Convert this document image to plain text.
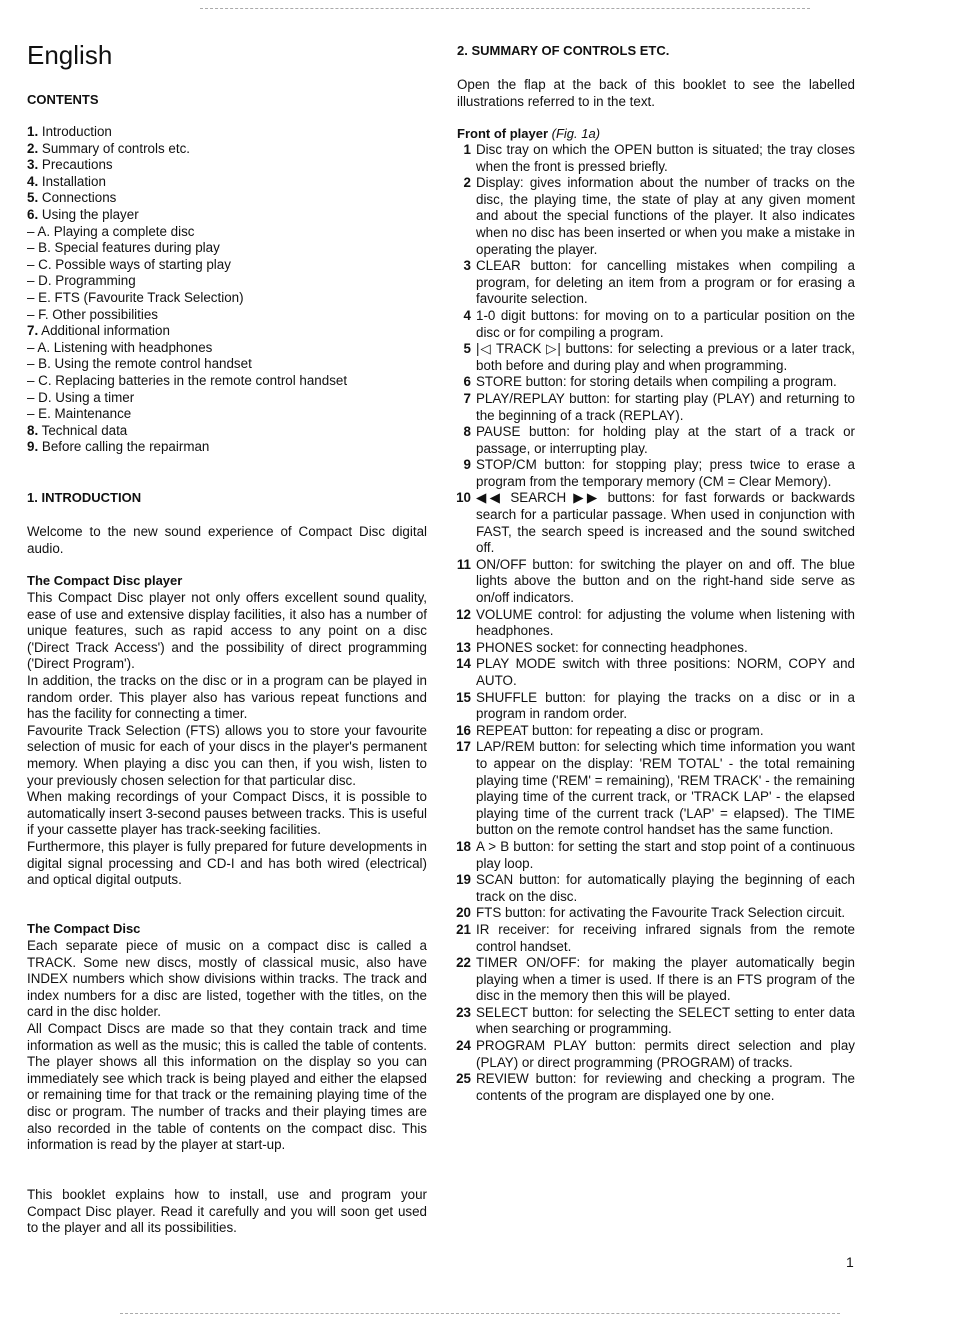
English
CONTENTS
1. Introduction
2. Summary of controls etc.
3. Precautions
4. Installation
5. Connections
6. Using the player
– A. Playing a complete disc
– B. Special features during play
– C. Possible ways of starting play
– D. Programming
– E. FTS (Favourite Track Selection)
– F. Other possibilities
7. Additional information
– A. Listening with headphones
– B. Using the remote control handset
– C. Replacing batteries in the remote control handset
– D. Using a timer
– E. Maintenance
8. Technical data
9. Before calling the repairman
1. INTRODUCTION

Welcome to the new sound experience of Compact Disc digital audio.

The Compact Disc player

This Compact Disc player not only offers excellent sound quality, ease of use and extensive display facilities, it also has a number of unique features, such as rapid access to any point on a disc ('Direct Track Access') and the possibility of direct programming ('Direct Program').

In addition, the tracks on the disc or in a program can be played in random order. This player also has various repeat functions and has the facility for connecting a timer.

Favourite Track Selection (FTS) allows you to store your favourite selection of music for each of your discs in the player's permanent memory. When playing a disc you can then, if you wish, listen to your previously chosen selection for that particular disc.

When making recordings of your Compact Discs, it is possible to automatically insert 3-second pauses between tracks. This is useful if your cassette player has track-seeking facilities.

Furthermore, this player is fully prepared for future developments in digital signal processing and CD-I and has both wired (electrical) and optical digital outputs.

The Compact Disc

Each separate piece of music on a compact disc is called a TRACK. Some new discs, mostly of classical music, also have INDEX numbers which show divisions within tracks. The track and index numbers for a disc are listed, together with the titles, on the card in the disc holder.

All Compact Discs are made so that they contain track and time information as well as the music; this is called the table of contents. The player shows all this information on the display so you can immediately see which track is being played and either the elapsed or remaining time for that track or the remaining playing time of the disc or program. The number of tracks and their playing times are also recorded in the table of contents on the compact disc. This information is read by the player at start-up.

This booklet explains how to install, use and program your Compact Disc player. Read it carefully and you will soon get used to the player and all its possibilities.

2. SUMMARY OF CONTROLS ETC.

Open the flap at the back of this booklet to see the labelled illustrations referred to in the text.

Front of player (Fig. 1a)
1 Disc tray on which the OPEN button is situated; the tray closes when the front is pressed briefly.
2 Display: gives information about the number of tracks on the disc, the playing time, the state of play at any given moment and about the special functions of the player. It also indicates when no disc has been inserted or when you make a mistake in operating the player.
3 CLEAR button: for cancelling mistakes when compiling a program, for deleting an item from a program or for erasing a favourite selection.
4 1-0 digit buttons: for moving on to a particular position on the disc or for compiling a program.
5 |◁ TRACK ▷| buttons: for selecting a previous or a later track, both before and during play and when programming.
6 STORE button: for storing details when compiling a program.
7 PLAY/REPLAY button: for starting play (PLAY) and returning to the beginning of a track (REPLAY).
8 PAUSE button: for holding play at the start of a track or passage, or interrupting play.
9 STOP/CM button: for stopping play; press twice to erase a program from the temporary memory (CM = Clear Memory).
10 ◀◀ SEARCH ▶▶ buttons: for fast forwards or backwards search for a particular passage. When used in conjunction with FAST, the search speed is increased and the sound switched off.
11 ON/OFF button: for switching the player on and off. The blue lights above the button and on the right-hand side serve as on/off indicators.
12 VOLUME control: for adjusting the volume when listening with headphones.
13 PHONES socket: for connecting headphones.
14 PLAY MODE switch with three positions: NORM, COPY and AUTO.
15 SHUFFLE button: for playing the tracks on a disc or in a program in random order.
16 REPEAT button: for repeating a disc or program.
17 LAP/REM button: for selecting which time information you want to appear on the display: 'REM TOTAL' - the total remaining playing time ('REM' = remaining), 'REM TRACK' - the remaining playing time of the current track, or 'TRACK LAP' - the elapsed playing time of the current track ('LAP' = elapsed). The TIME button on the remote control handset has the same function.
18 A > B button: for setting the start and stop point of a continuous play loop.
19 SCAN button: for automatically playing the beginning of each track on the disc.
20 FTS button: for activating the Favourite Track Selection circuit.
21 IR receiver: for receiving infrared signals from the remote control handset.
22 TIMER ON/OFF: for making the player automatically begin playing when a timer is used. If there is an FTS program of the disc in the memory then this will be played.
23 SELECT button: for selecting the SELECT setting to enter data when searching or programming.
24 PROGRAM PLAY button: permits direct selection and play (PLAY) or direct programming (PROGRAM) of tracks.
25 REVIEW button: for reviewing and checking a program. The contents of the program are displayed one by one.
1
